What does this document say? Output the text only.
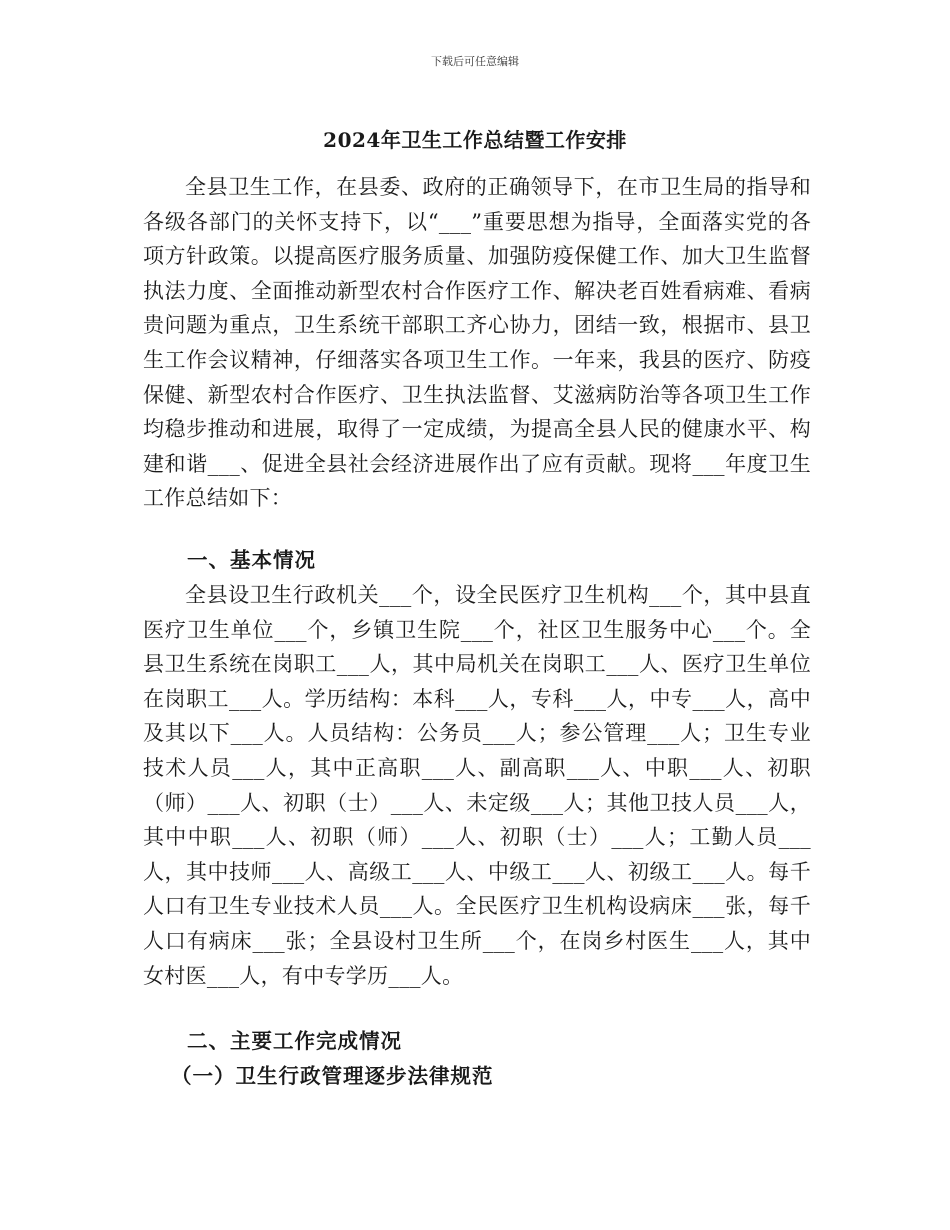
下载后可任意编辑
2024年卫生工作总结暨工作安排

全县卫生工作，在县委、政府的正确领导下，在市卫生局的指导和各级各部门的关怀支持下，以“___”重要思想为指导，全面落实党的各项方针政策。以提高医疗服务质量、加强防疫保健工作、加大卫生监督执法力度、全面推动新型农村合作医疗工作、解决老百姓看病难、看病贵问题为重点，卫生系统干部职工齐心协力，团结一致，根据市、县卫生工作会议精神，仔细落实各项卫生工作。一年来，我县的医疗、防疫保健、新型农村合作医疗、卫生执法监督、艾滋病防治等各项卫生工作均稳步推动和进展，取得了一定成绩，为提高全县人民的健康水平、构建和谐___、促进全县社会经济进展作出了应有贡献。现将___年度卫生工作总结如下：

一、基本情况

全县设卫生行政机关___个，设全民医疗卫生机构___个，其中县直医疗卫生单位___个，乡镇卫生院___个，社区卫生服务中心___个。全县卫生系统在岗职工___人，其中局机关在岗职工___人、医疗卫生单位在岗职工___人。学历结构：本科___人，专科___人，中专___人，高中及其以下___人。人员结构：公务员___人；参公管理___人；卫生专业技术人员___人，其中正高职___人、副高职___人、中职___人、初职（师）___人、初职（士）___人、未定级___人；其他卫技人员___人，其中中职___人、初职（师）___人、初职（士）___人；工勤人员___人，其中技师___人、高级工___人、中级工___人、初级工___人。每千人口有卫生专业技术人员___人。全民医疗卫生机构设病床___张，每千人口有病床___张；全县设村卫生所___个，在岗乡村医生___人，其中女村医___人，有中专学历___人。

二、主要工作完成情况
（一）卫生行政管理逐步法律规范
